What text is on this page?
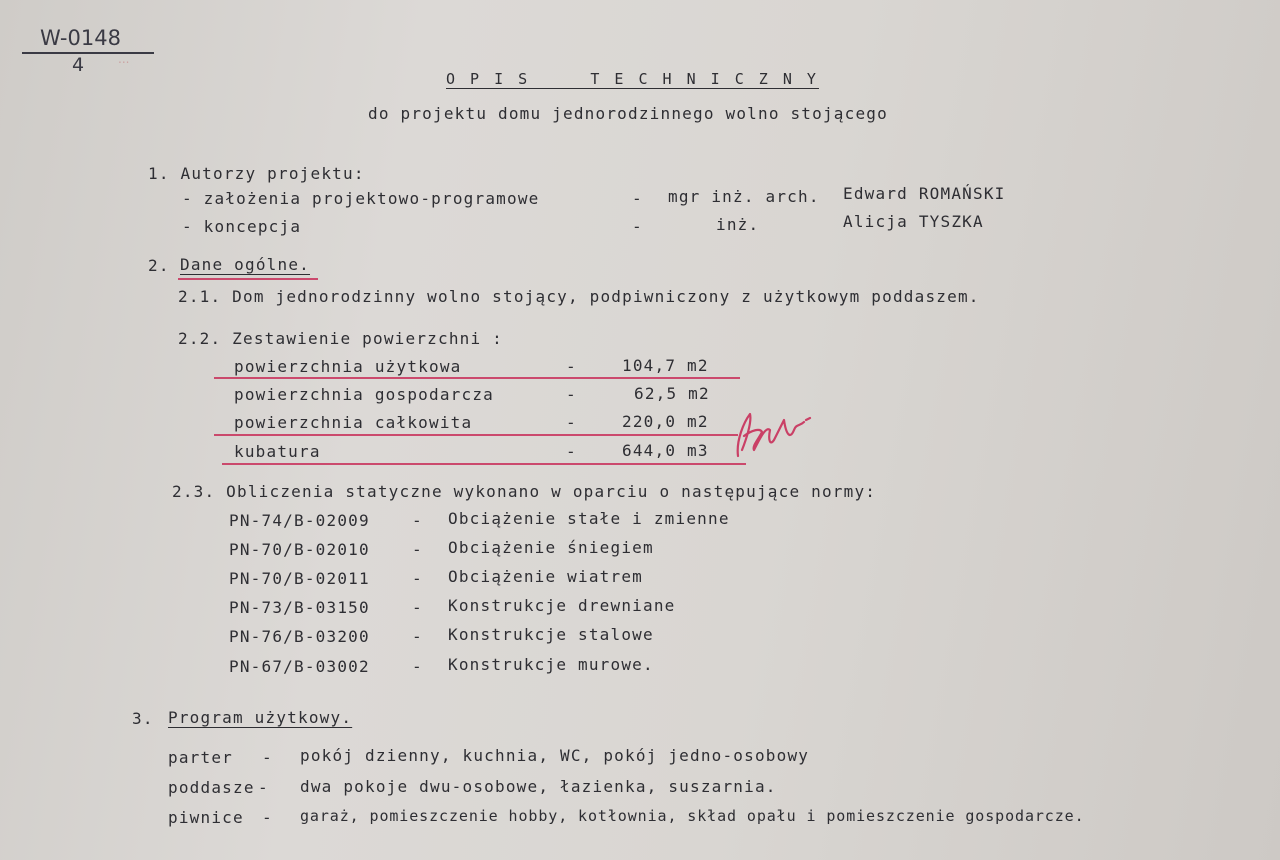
W-0148
4	...
O P I S     T E C H N I C Z N Y
do projektu domu jednorodzinnego wolno stojącego
1. Autorzy projektu:
- założenia projektowo-programowe	- mgr inż. arch. Edward ROMAŃSKI
- koncepcja	-	inż.	Alicja TYSZKA
2. Dane ogólne.
2.1. Dom jednorodzinny wolno stojący, podpiwniczony z użytkowym poddaszem.
2.2. Zestawienie powierzchni :
powierzchnia użytkowa	-	104,7 m2
powierzchnia gospodarcza	-	62,5 m2
powierzchnia całkowita	-	220,0 m2
kubatura	-	644,0 m3
2.3. Obliczenia statyczne wykonano w oparciu o następujące normy:
PN-74/B-02009	- Obciążenie stałe i zmienne
PN-70/B-02010	- Obciążenie śniegiem
PN-70/B-02011	- Obciążenie wiatrem
PN-73/B-03150	- Konstrukcje drewniane
PN-76/B-03200	- Konstrukcje stalowe
PN-67/B-03002	- Konstrukcje murowe.
3. Program użytkowy.
parter - pokój dzienny, kuchnia, WC, pokój jedno-osobowy
poddasze - dwa pokoje dwu-osobowe, łazienka, suszarnia.
piwnice - garaż, pomieszczenie hobby, kotłownia, skład opału i pomieszczenie gospodarcze.
